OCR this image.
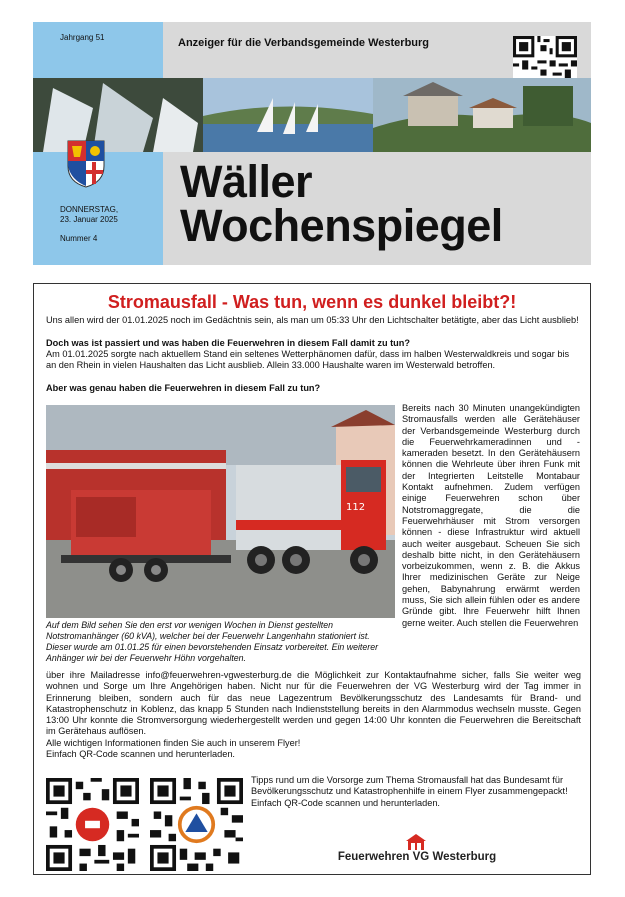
Jahrgang 51	Anzeiger für die Verbandsgemeinde Westerburg
DONNERSTAG,
23. Januar 2025
Nummer 4
Wäller
Wochenspiegel
Stromausfall - Was tun, wenn es dunkel bleibt?!

Uns allen wird der 01.01.2025 noch im Gedächtnis sein, als man um 05:33 Uhr den Lichtschalter betätigte, aber das Licht ausblieb!

Doch was ist passiert und was haben die Feuerwehren in diesem Fall damit zu tun?

Am 01.01.2025 sorgte nach aktuellem Stand ein seltenes Wetterphänomen dafür, dass im halben Westerwaldkreis und sogar bis an den Rhein in vielen Haushalten das Licht ausblieb. Allein 33.000 Haushalte waren im Westerwald betroffen.

Aber was genau haben die Feuerwehren in diesem Fall zu tun?

112

Bereits nach 30 Minuten unangekündigten Stromausfalls werden alle Gerätehäuser der Verbandsgemeinde Westerburg durch die Feuerwehrkameradinnen und -kameraden besetzt. In den Gerätehäusern können die Wehrleute über ihren Funk mit der Integrierten Leitstelle Montabaur Kontakt aufnehmen. Zudem verfügen einige Feuerwehren schon über Notstromaggregate, die die Feuerwehrhäuser mit Strom versorgen können - diese Infrastruktur wird aktuell auch weiter ausgebaut. Scheuen Sie sich deshalb bitte nicht, in den Gerätehäusern vorbeizukommen, wenn z. B. die Akkus Ihrer medizinischen Geräte zur Neige gehen, Babynahrung erwärmt werden muss, Sie sich allein fühlen oder es andere Gründe gibt. Ihre Feuerwehr hilft Ihnen gerne weiter. Auch stellen die Feuerwehren

Auf dem Bild sehen Sie den erst vor wenigen Wochen in Dienst gestellten Notstromanhänger (60 kVA), welcher bei der Feuerwehr Langenhahn stationiert ist. Dieser wurde am 01.01.25 für einen bevorstehenden Einsatz vorbereitet. Ein weiterer Anhänger wir bei der Feuerwehr Höhn vorgehalten.

über ihre Mailadresse info@feuerwehren-vgwesterburg.de die Möglichkeit zur Kontaktaufnahme sicher, falls Sie weiter weg wohnen und Sorge um Ihre Angehörigen haben. Nicht nur für die Feuerwehren der VG Westerburg wird der Tag immer in Erinnerung bleiben, sondern auch für das neue Lagezentrum Bevölkerungsschutz des Landesamts für Brand- und Katastrophenschutz in Koblenz, das knapp 5 Stunden nach Indienststellung bereits in den Alarmmodus wechseln musste. Gegen 13:00 Uhr konnte die Stromversorgung wiederhergestellt werden und gegen 14:00 Uhr konnten die Feuerwehren die Bereitschaft im Gerätehaus auflösen.
Alle wichtigen Informationen finden Sie auch in unserem Flyer!
Einfach QR-Code scannen und herunterladen.
Tipps rund um die Vorsorge zum Thema Stromausfall hat das Bundesamt für Bevölkerungsschutz und Katastrophenhilfe in einem Flyer zusammengepackt!
Einfach QR-Code scannen und herunterladen.
Feuerwehren VG Westerburg
